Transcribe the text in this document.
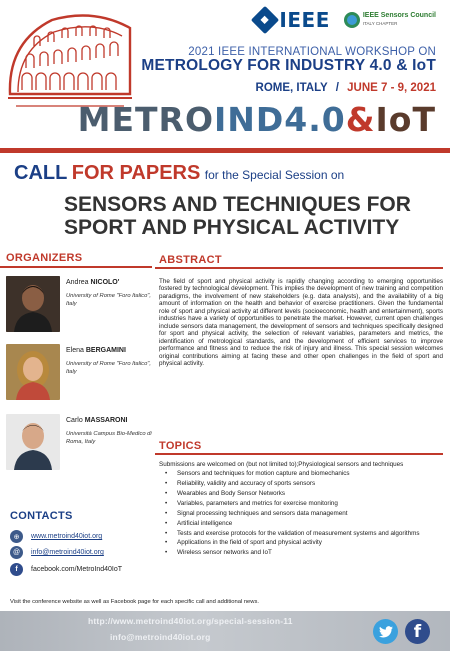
◆ IEEE	IEEE Sensors Council
ITALY CHAPTER
2021 IEEE INTERNATIONAL WORKSHOP ON
METROLOGY FOR INDUSTRY 4.0 & IoT
ROME, ITALY / JUNE 7 - 9, 2021
METROIND4.0&IoT
CALL FOR PAPERS for the Special Session on
SENSORS AND TECHNIQUES FOR SPORT AND PHYSICAL ACTIVITY
ORGANIZERS
Andrea NICOLO'
University of Rome "Foro Italico", Italy
Elena BERGAMINI
University of Rome "Foro Italico", Italy
Carlo MASSARONI
Università Campus Bio-Medico di Roma, Italy
CONTACTS
⊕	www.metroind40iot.org
@	info@metroind40iot.org
f	facebook.com/MetroInd40IoT
ABSTRACT

The field of sport and physical activity is rapidly changing according to emerging opportunities fostered by technological development. This implies the development of new training and competition paradigms, the involvement of new stakeholders (e.g. data analysts), and the availability of a big amount of information on the health and behavior of exercise practitioners. Given the fundamental role of sport and physical activity at different levels (socioeconomic, health and entertainment), sports industries have a variety of opportunities to penetrate the market. However, current open challenges include sensors data management, the development of sensors and techniques specifically designed for sport and physical activity, the selection of relevant variables, parameters and metrics, the identification of metrological standards, and the development of efficient services to improve performance and fitness and to reduce the risk of injury and illness. This special session welcomes original contributions aiming at facing these and other open challenges in the field of sport and physical activity.

TOPICS

Submissions are welcomed on (but not limited to);Physiological sensors and techniques

• Sensors and techniques for motion capture and biomechanics
• Reliability, validity and accuracy of sports sensors
• Wearables and Body Sensor Networks
• Variables, parameters and metrics for exercise monitoring
• Signal processing techniques and sensors data management
• Artificial intelligence
• Tests and exercise protocols for the validation of measurement systems and algorithms
• Applications in the field of sport and physical activity
• Wireless sensor networks and IoT
Visit the conference website as well as Facebook page for each specific call and additional news.
http://www.metroind40iot.org/special-session-11
info@metroind40iot.org	f
